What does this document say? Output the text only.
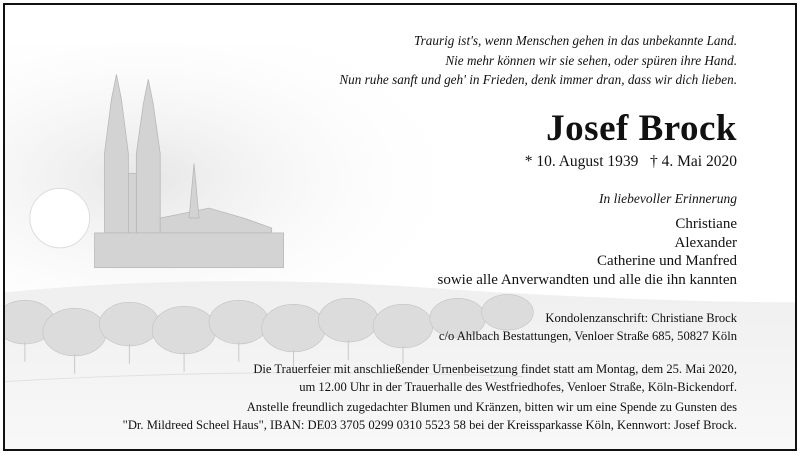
Traurig ist's, wenn Menschen gehen in das unbekannte Land.
Nie mehr können wir sie sehen, oder spüren ihre Hand.
Nun ruhe sanft und geh' in Frieden, denk immer dran, dass wir dich lieben.
Josef Brock
* 10. August 1939   † 4. Mai 2020
In liebevoller Erinnerung
Christiane
Alexander
Catherine und Manfred
sowie alle Anverwandten und alle die ihn kannten
Kondolenzanschrift: Christiane Brock
c/o Ahlbach Bestattungen, Venloer Straße 685, 50827 Köln
Die Trauerfeier mit anschließender Urnenbeisetzung findet statt am Montag, dem 25. Mai 2020,
um 12.00 Uhr in der Trauerhalle des Westfriedhofes, Venloer Straße, Köln-Bickendorf.
Anstelle freundlich zugedachter Blumen und Kränzen, bitten wir um eine Spende zu Gunsten des
"Dr. Mildreed Scheel Haus", IBAN: DE03 3705 0299 0310 5523 58 bei der Kreissparkasse Köln, Kennwort: Josef Brock.
